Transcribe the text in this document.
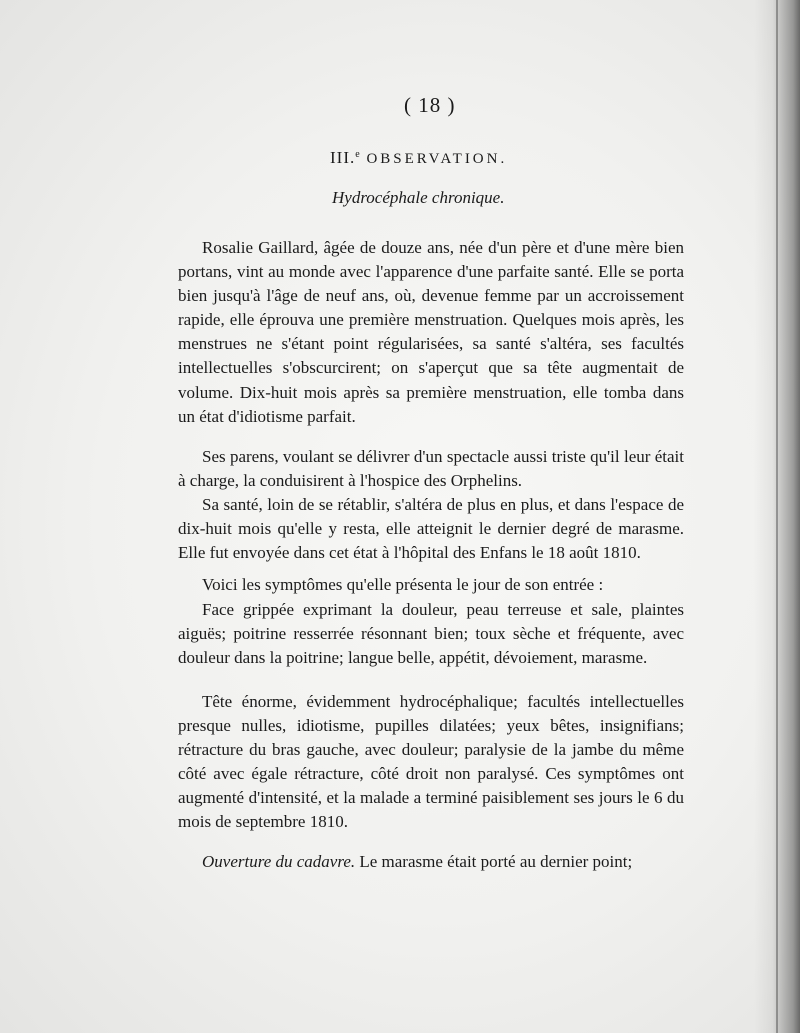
( 18 )
III.$^e$ OBSERVATION.
Hydrocéphale chronique.

Rosalie Gaillard, âgée de douze ans, née d'un père et d'une mère bien portans, vint au monde avec l'apparence d'une parfaite santé. Elle se porta bien jusqu'à l'âge de neuf ans, où, devenue femme par un accroissement rapide, elle éprouva une première menstruation. Quelques mois après, les menstrues ne s'étant point régularisées, sa santé s'altéra, ses facultés intellectuelles s'obscurcirent; on s'aperçut que sa tête augmentait de volume. Dix-huit mois après sa première menstruation, elle tomba dans un état d'idiotisme parfait.

Ses parens, voulant se délivrer d'un spectacle aussi triste qu'il leur était à charge, la conduisirent à l'hospice des Orphelins.

Sa santé, loin de se rétablir, s'altéra de plus en plus, et dans l'espace de dix-huit mois qu'elle y resta, elle atteignit le dernier degré de marasme. Elle fut envoyée dans cet état à l'hôpital des Enfans le 18 août 1810.

Voici les symptômes qu'elle présenta le jour de son entrée :

Face grippée exprimant la douleur, peau terreuse et sale, plaintes aiguës; poitrine resserrée résonnant bien; toux sèche et fréquente, avec douleur dans la poitrine; langue belle, appétit, dévoiement, marasme.

Tête énorme, évidemment hydrocéphalique; facultés intellectuelles presque nulles, idiotisme, pupilles dilatées; yeux bêtes, insignifians; rétracture du bras gauche, avec douleur; paralysie de la jambe du même côté avec égale rétracture, côté droit non paralysé. Ces symptômes ont augmenté d'intensité, et la malade a terminé paisiblement ses jours le 6 du mois de septembre 1810.

Ouverture du cadavre. Le marasme était porté au dernier point;
